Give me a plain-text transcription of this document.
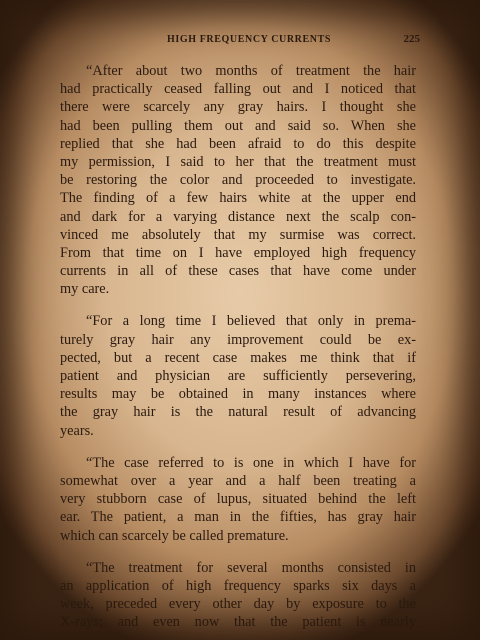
HIGH FREQUENCY CURRENTS	225

“After about two months of treatment the hair
had practically ceased falling out and I noticed that
there were scarcely any gray hairs. I thought she
had been pulling them out and said so. When she
replied that she had been afraid to do this despite
my permission, I said to her that the treatment must
be restoring the color and proceeded to investigate.
The finding of a few hairs white at the upper end
and dark for a varying distance next the scalp con-
vinced me absolutely that my surmise was correct.
From that time on I have employed high frequency
currents in all of these cases that have come under
my care.

“For a long time I believed that only in prema-
turely gray hair any improvement could be ex-
pected, but a recent case makes me think that if
patient and physician are sufficiently persevering,
results may be obtained in many instances where
the gray hair is the natural result of advancing
years.

“The case referred to is one in which I have for
somewhat over a year and a half been treating a
very stubborn case of lupus, situated behind the left
ear. The patient, a man in the fifties, has gray hair
which can scarcely be called premature.

“The treatment for several months consisted in
an application of high frequency sparks six days a
week, preceded every other day by exposure to the
X-rays; and even now that the patient is nearly
